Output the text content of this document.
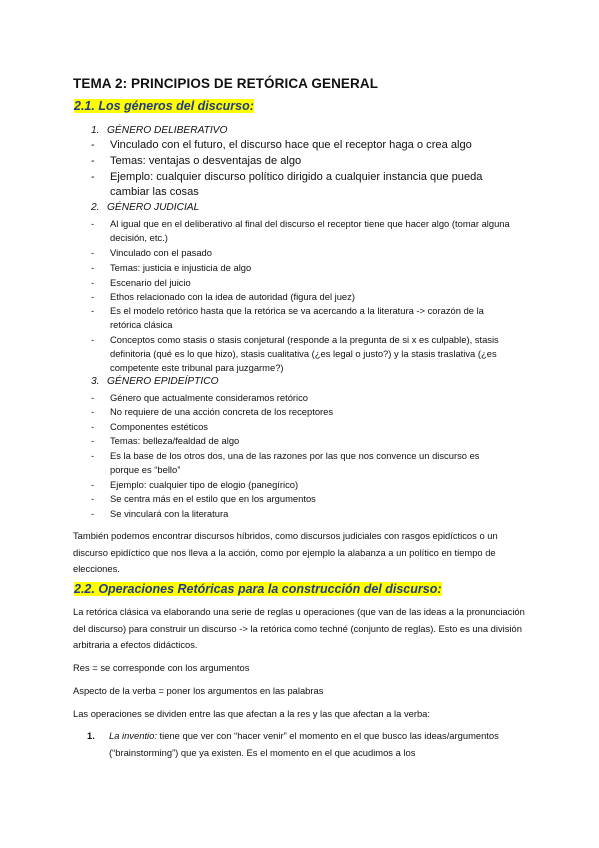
TEMA 2: PRINCIPIOS DE RETÓRICA GENERAL
2.1. Los géneros del discurso:
1. GÉNERO DELIBERATIVO
- Vinculado con el futuro, el discurso hace que el receptor haga o crea algo
- Temas: ventajas o desventajas de algo
- Ejemplo: cualquier discurso político dirigido a cualquier instancia que pueda cambiar las cosas
2. GÉNERO JUDICIAL
- Al igual que en el deliberativo al final del discurso el receptor tiene que hacer algo (tomar alguna decisión, etc.)
- Vinculado con el pasado
- Temas: justicia e injusticia de algo
- Escenario del juicio
- Ethos relacionado con la idea de autoridad (figura del juez)
- Es el modelo retórico hasta que la retórica se va acercando a la literatura -> corazón de la retórica clásica
- Conceptos como stasis o stasis conjetural (responde a la pregunta de si x es culpable), stasis definitoria (qué es lo que hizo), stasis cualitativa (¿es legal o justo?) y la stasis traslativa (¿es competente este tribunal para juzgarme?)
3. GÉNERO EPIDEÍPTICO
- Género que actualmente consideramos retórico
- No requiere de una acción concreta de los receptores
- Componentes estéticos
- Temas: belleza/fealdad de algo
- Es la base de los otros dos, una de las razones por las que nos convence un discurso es porque es “bello”
- Ejemplo: cualquier tipo de elogio (panegírico)
- Se centra más en el estilo que en los argumentos
- Se vinculará con la literatura
También podemos encontrar discursos híbridos, como discursos judiciales con rasgos epidícticos o un discurso epidíctico que nos lleva a la acción, como por ejemplo la alabanza a un político en tiempo de elecciones.
2.2. Operaciones Retóricas para la construcción del discurso:
La retórica clásica va elaborando una serie de reglas u operaciones (que van de las ideas a la pronunciación del discurso) para construir un discurso -> la retórica como techné (conjunto de reglas). Esto es una división arbitraria a efectos didácticos.
Res = se corresponde con los argumentos
Aspecto de la verba = poner los argumentos en las palabras
Las operaciones se dividen entre las que afectan a la res y las que afectan a la verba:
1. La inventio: tiene que ver con “hacer venir” el momento en el que busco las ideas/argumentos (“brainstorming”) que ya existen. Es el momento en el que acudimos a los
